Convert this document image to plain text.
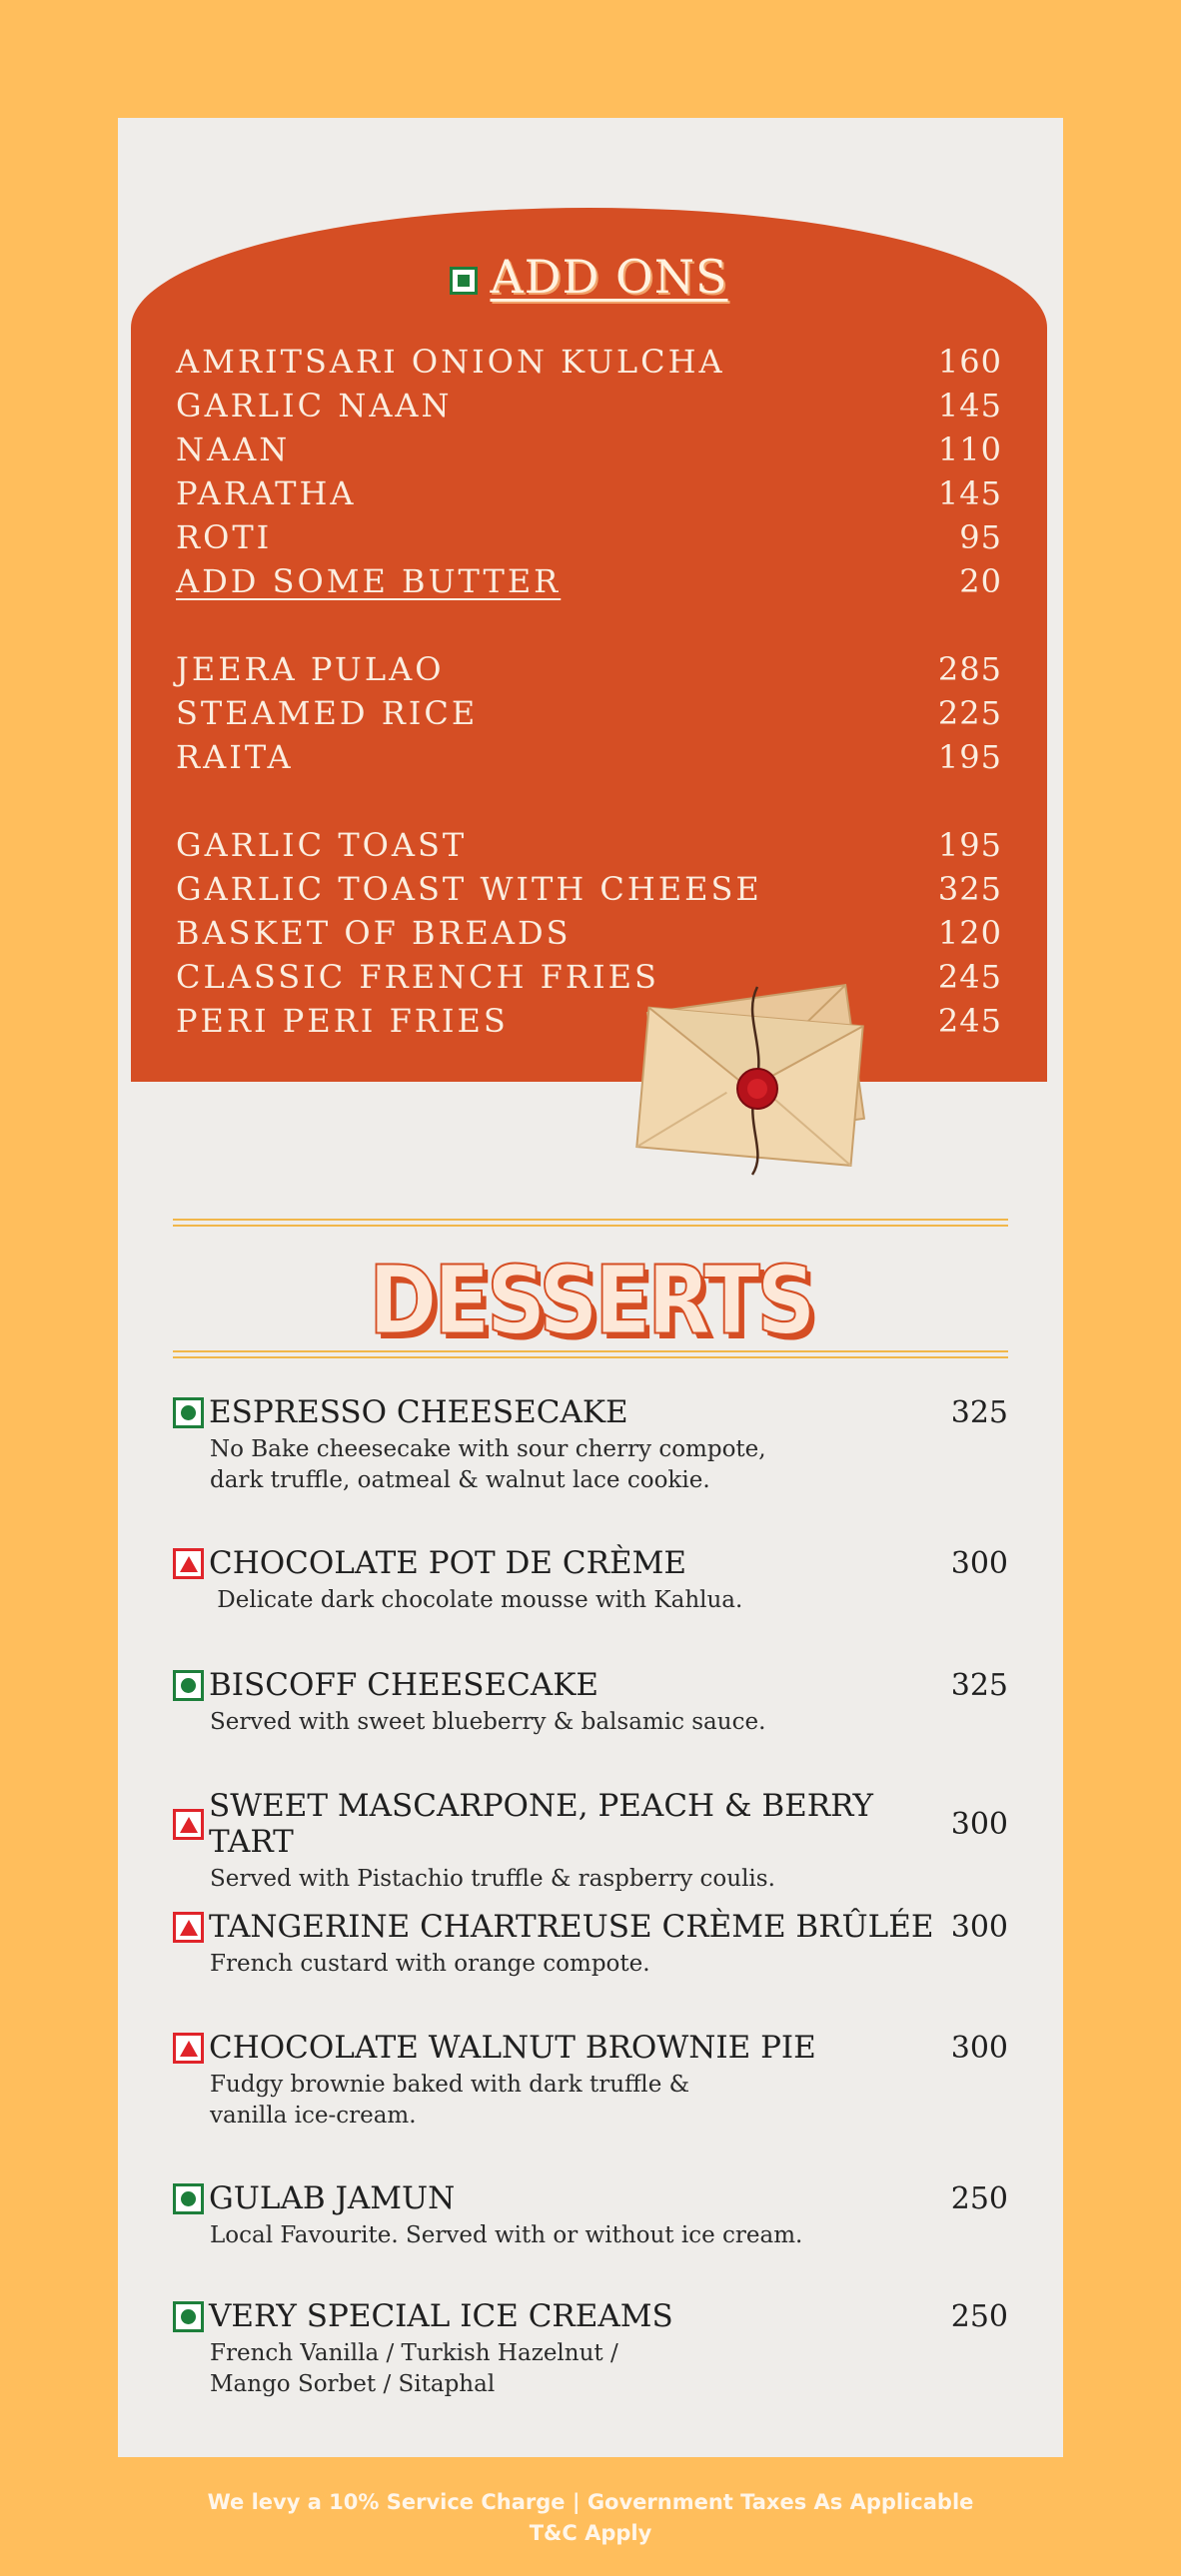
ADD ONS
AMRITSARI ONION KULCHA	160
GARLIC NAAN	145
NAAN	110
PARATHA	145
ROTI	95
ADD SOME BUTTER	20
JEERA PULAO	285
STEAMED RICE	225
RAITA	195
GARLIC TOAST	195
GARLIC TOAST WITH CHEESE	325
BASKET OF BREADS	120
CLASSIC FRENCH FRIES	245
PERI PERI FRIES	245
DESSERTS
ESPRESSO CHEESECAKE	325
No Bake cheesecake with sour cherry compote,
dark truffle, oatmeal & walnut lace cookie.
CHOCOLATE POT DE CRÈME	300
Delicate dark chocolate mousse with Kahlua.
BISCOFF CHEESECAKE	325
Served with sweet blueberry & balsamic sauce.
SWEET MASCARPONE, PEACH & BERRY TART	300
Served with Pistachio truffle & raspberry coulis.
TANGERINE CHARTREUSE CRÈME BRÛLÉE 300
French custard with orange compote.
CHOCOLATE WALNUT BROWNIE PIE	300
Fudgy brownie baked with dark truffle &
vanilla ice-cream.
GULAB JAMUN	250
Local Favourite. Served with or without ice cream.
VERY SPECIAL ICE CREAMS	250
French Vanilla / Turkish Hazelnut /
Mango Sorbet / Sitaphal
We levy a 10% Service Charge | Government Taxes As Applicable
T&C Apply
